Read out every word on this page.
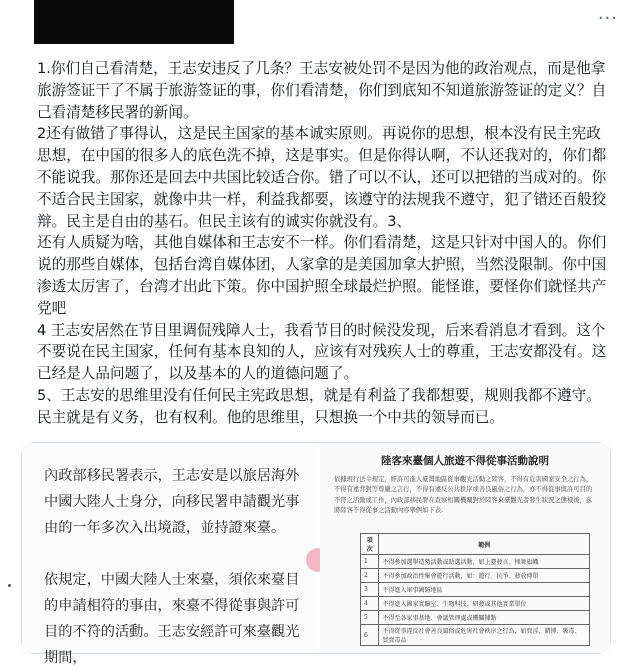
···
1.你们自己看清楚，王志安违反了几条？王志安被处罚不是因为他的政治观点，而是他拿旅游签证干了不属于旅游签证的事，你们看清楚，你们到底知不知道旅游签证的定义？自己看清楚移民署的新闻。
2还有做错了事得认，这是民主国家的基本诚实原则。再说你的思想，根本没有民主宪政思想，在中国的很多人的底色洗不掉，这是事实。但是你得认啊，不认还我对的，你们都不能说我。那你还是回去中共国比较适合你。错了可以不认，还可以把错的当成对的。你不适合民主国家，就像中共一样，利益我都要，该遵守的法规我不遵守，犯了错还百般狡辩。民主是自由的基石。但民主该有的诚实你就没有。3、
还有人质疑为啥，其他自媒体和王志安不一样。你们看清楚，这是只针对中国人的。你们说的那些自媒体，包括台湾自媒体团，人家拿的是美国加拿大护照，当然没限制。你中国渗透太厉害了，台湾才出此下策。你中国护照全球最烂护照。能怪谁，要怪你们就怪共产党吧
4 王志安居然在节目里调侃残障人士，我看节目的时候没发现，后来看消息才看到。这个不要说在民主国家，任何有基本良知的人，应该有对残疾人士的尊重，王志安都没有。这已经是人品问题了，以及基本的人的道德问题了。
5、王志安的思维里没有任何民主宪政思想，就是有利益了我都想要，规则我都不遵守。民主就是有义务，也有权利。他的思维里，只想换一个中共的领导而已。
內政部移民署表示，王志安是以旅居海外中國大陸人士身分，向移民署申請觀光事由的一年多次入出境證，並持證來臺。

依規定，中國大陸人士來臺，須依來臺目的申請相符的事由，來臺不得從事與許可目的不符的活動。王志安經許可來臺觀光期間，
陸客來臺個人旅遊不得從事活動說明
依據現行法令規定，經許可進入臺灣地區從事觀光活動之陸客，不得有危害國家安全之行為，不得有違背對等尊嚴之言行，不得有違反公共秩序或善良風俗之行為，亦不得從事與許可目的不符之活動或工作，內政部移民署在查察相關機關對於陸客來臺觀光者發生狀況之態樣後，茲將陸客不得從事之活動內容舉例如下表：
項次	範例
1	不得參加選舉造勢活動或助選活動，如上臺發言、揮舞旗幟
2	不得參加政治性集會遊行活動，如：遊行、抗爭、發放傳單
3	不得進入軍事國防地區
4	不得進入國家實驗室、生物科技、研發或其他實業單位
5	不得至各家事基地、會議管理處或機關據點
6	不得從事違反社會善良風俗或危害社會秩序之行為，如賣淫、賭博、吸毒、買賣毒品
